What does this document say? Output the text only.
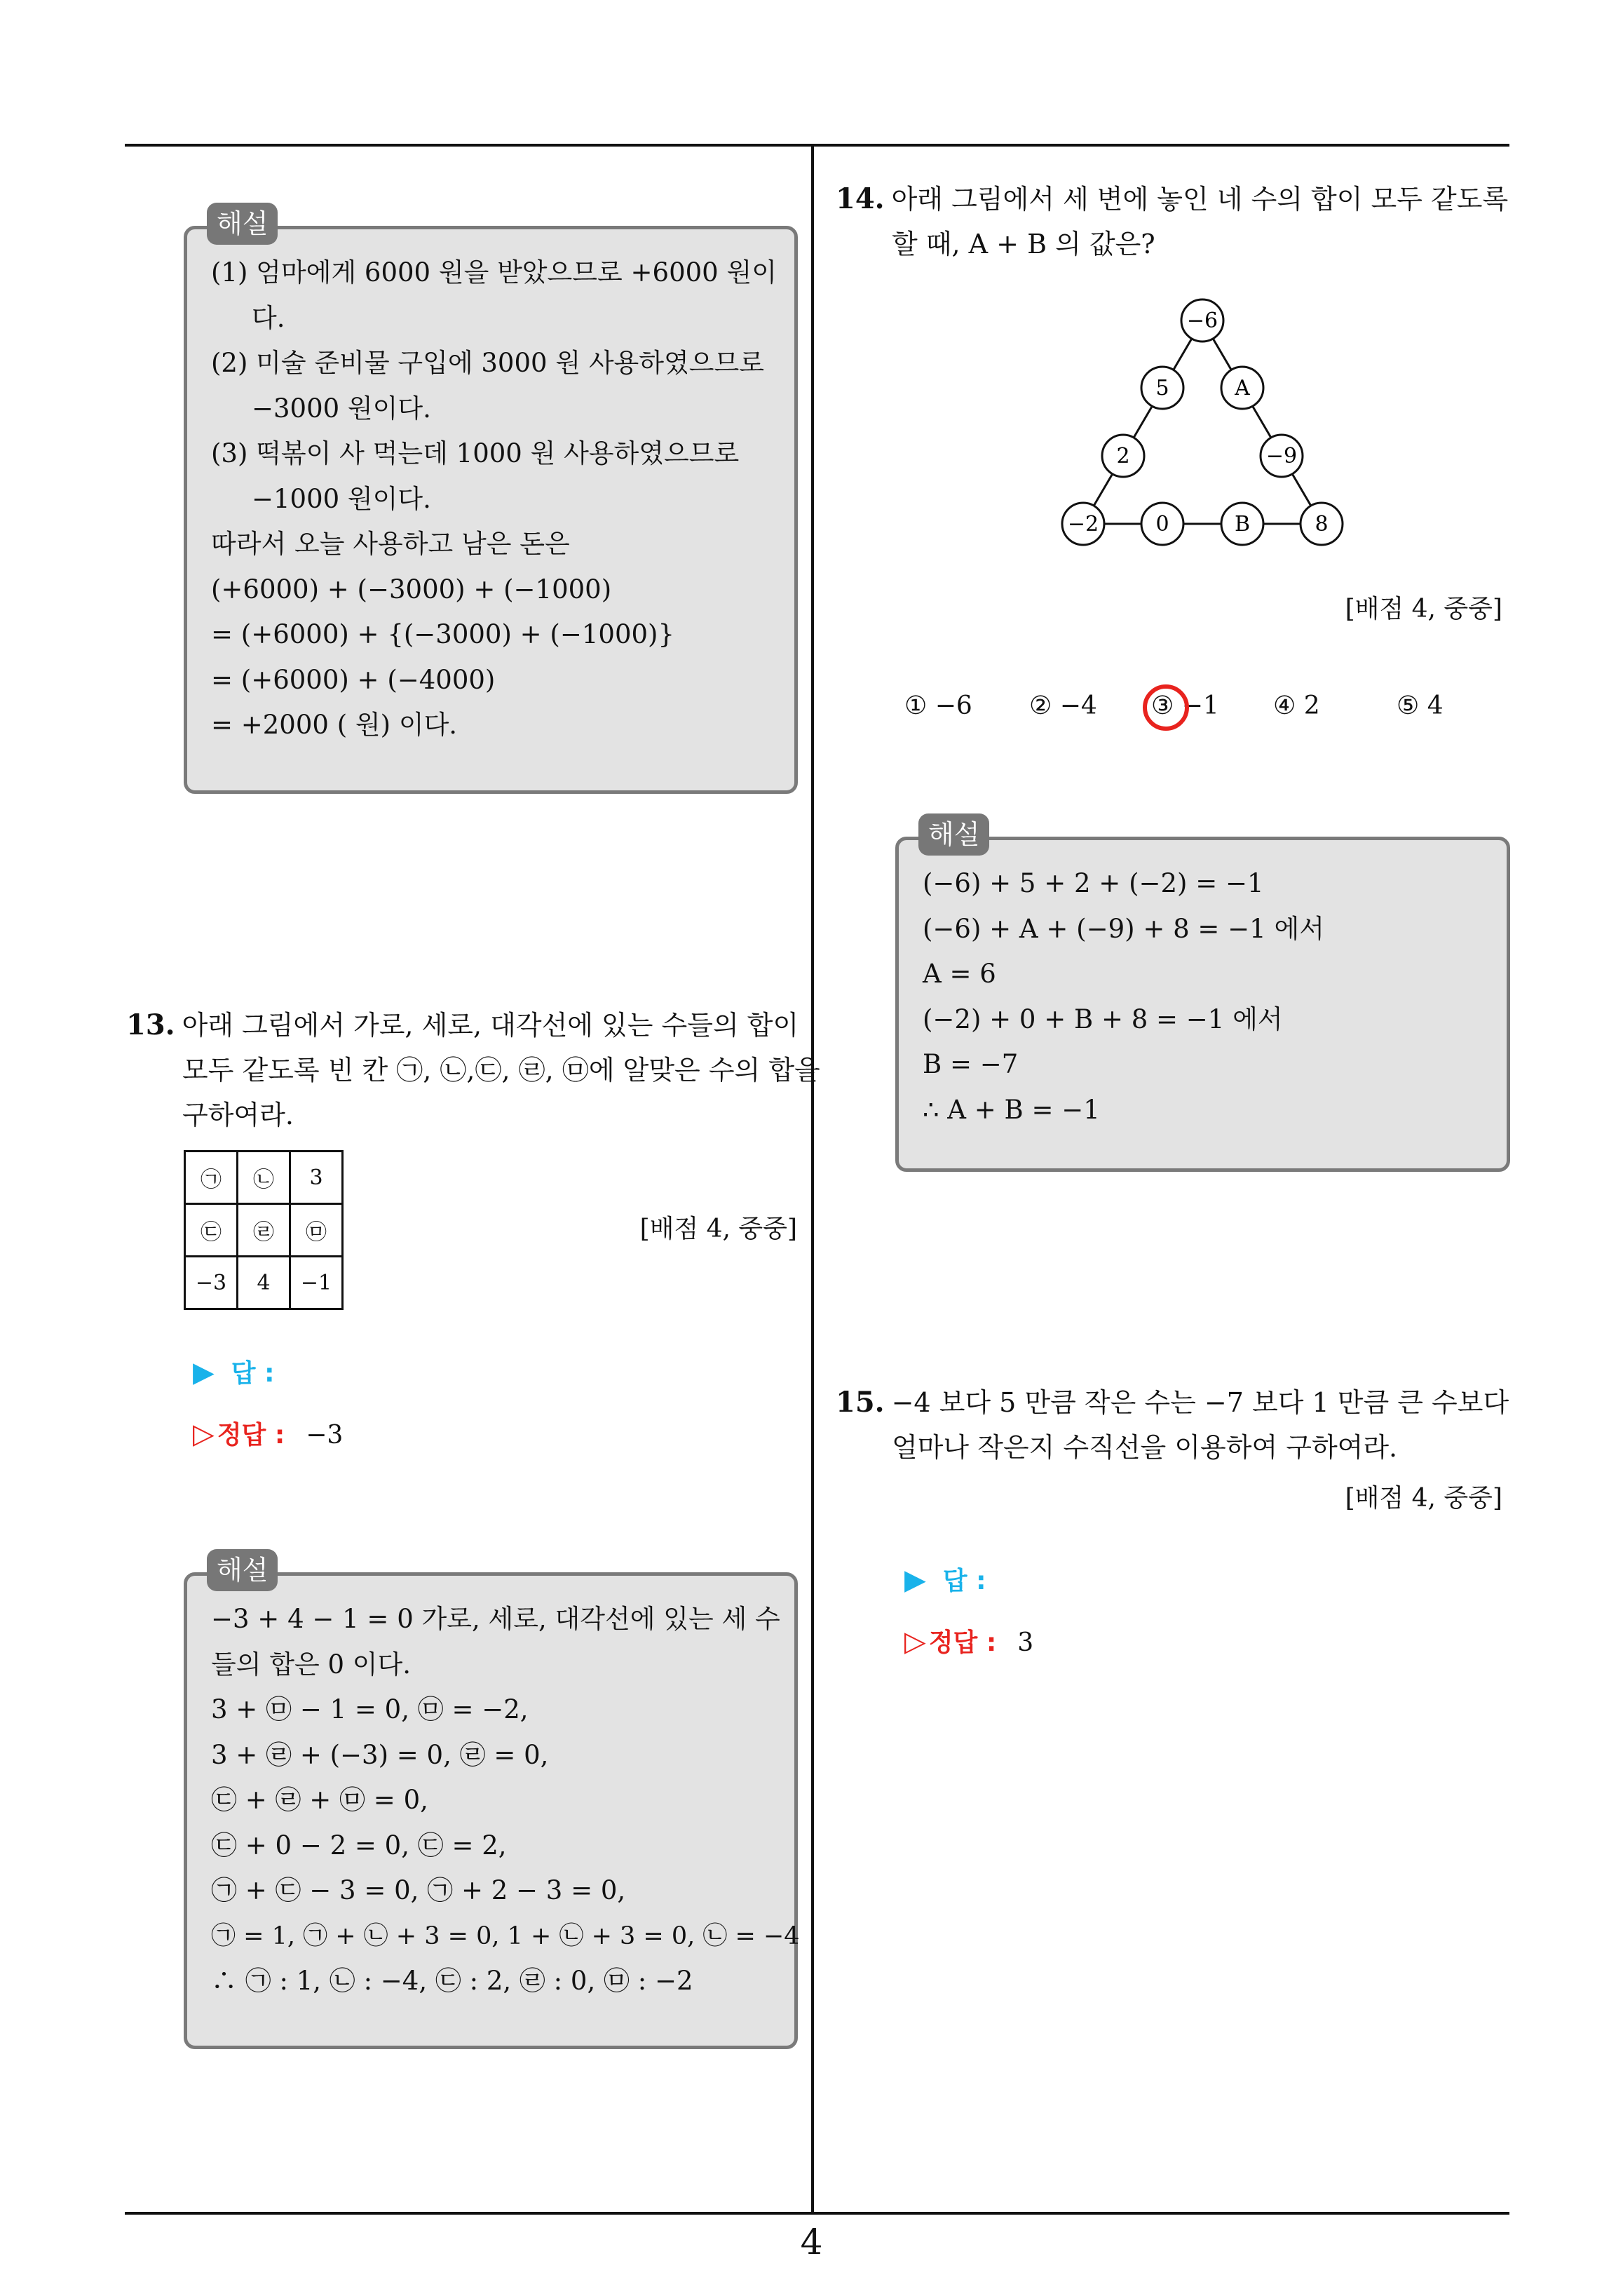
해설
(1) 엄마에게 6000 원을 받았으므로 +6000 원이
다.
(2) 미술 준비물 구입에 3000 원 사용하였으므로
−3000 원이다.
(3) 떡볶이 사 먹는데 1000 원 사용하였으므로
−1000 원이다.
따라서 오늘 사용하고 남은 돈은
(+6000) + (−3000) + (−1000)
= (+6000) + {(−3000) + (−1000)}
= (+6000) + (−4000)
= +2000 ( 원) 이다.
13. 아래 그림에서 가로, 세로, 대각선에 있는 수들의 합이
모두 같도록 빈 칸 ㉠, ㉡,㉢, ㉣, ㉤에 알맞은 수의 합을
구하여라.
㉠	㉡	3
㉢	㉣	㉤
−3	4	−1
[배점 4, 중중]
▶ 답 :
▷ 정답 : −3
해설
−3 + 4 − 1 = 0 가로, 세로, 대각선에 있는 세 수
들의 합은 0 이다.
3 + ㉤ − 1 = 0, ㉤ = −2,
3 + ㉣ + (−3) = 0, ㉣ = 0,
㉢ + ㉣ + ㉤ = 0,
㉢ + 0 − 2 = 0, ㉢ = 2,
㉠ + ㉢ − 3 = 0, ㉠ + 2 − 3 = 0,
㉠ = 1, ㉠ + ㉡ + 3 = 0, 1 + ㉡ + 3 = 0, ㉡ = −4
∴ ㉠ : 1, ㉡ : −4, ㉢ : 2, ㉣ : 0, ㉤ : −2
14. 아래 그림에서 세 변에 놓인 네 수의 합이 모두 같도록
할 때, A + B 의 값은?
−6
5	A
2	−9
−2	0	B	8
[배점 4, 중중]
① −6 ② −4 ③ −1 ④ 2	⑤ 4
해설
(−6) + 5 + 2 + (−2) = −1
(−6) + A + (−9) + 8 = −1 에서
A = 6
(−2) + 0 + B + 8 = −1 에서
B = −7
∴ A + B = −1
15. −4 보다 5 만큼 작은 수는 −7 보다 1 만큼 큰 수보다
얼마나 작은지 수직선을 이용하여 구하여라.
[배점 4, 중중]
▶ 답 :
▷ 정답 : 3
4
